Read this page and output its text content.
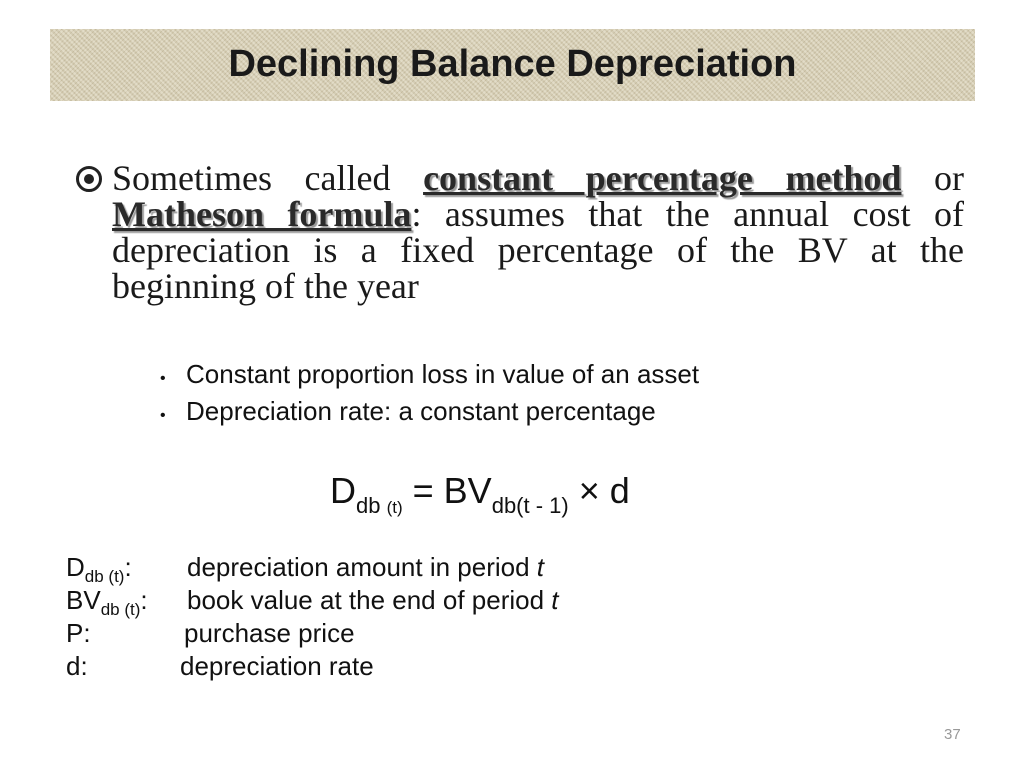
Declining Balance Depreciation

Sometimes called constant percentage method or Matheson formula: assumes that the annual cost of depreciation is a fixed percentage of the BV at the beginning of the year

• Constant proportion loss in value of an asset
• Depreciation rate: a constant percentage
$D_{db (t)} = BV_{db(t - 1)} \times d$
$D_{db (t)}$: depreciation amount in period t
$BV_{db (t)}$: book value at the end of period t
P:	purchase price
d:	depreciation rate
37
